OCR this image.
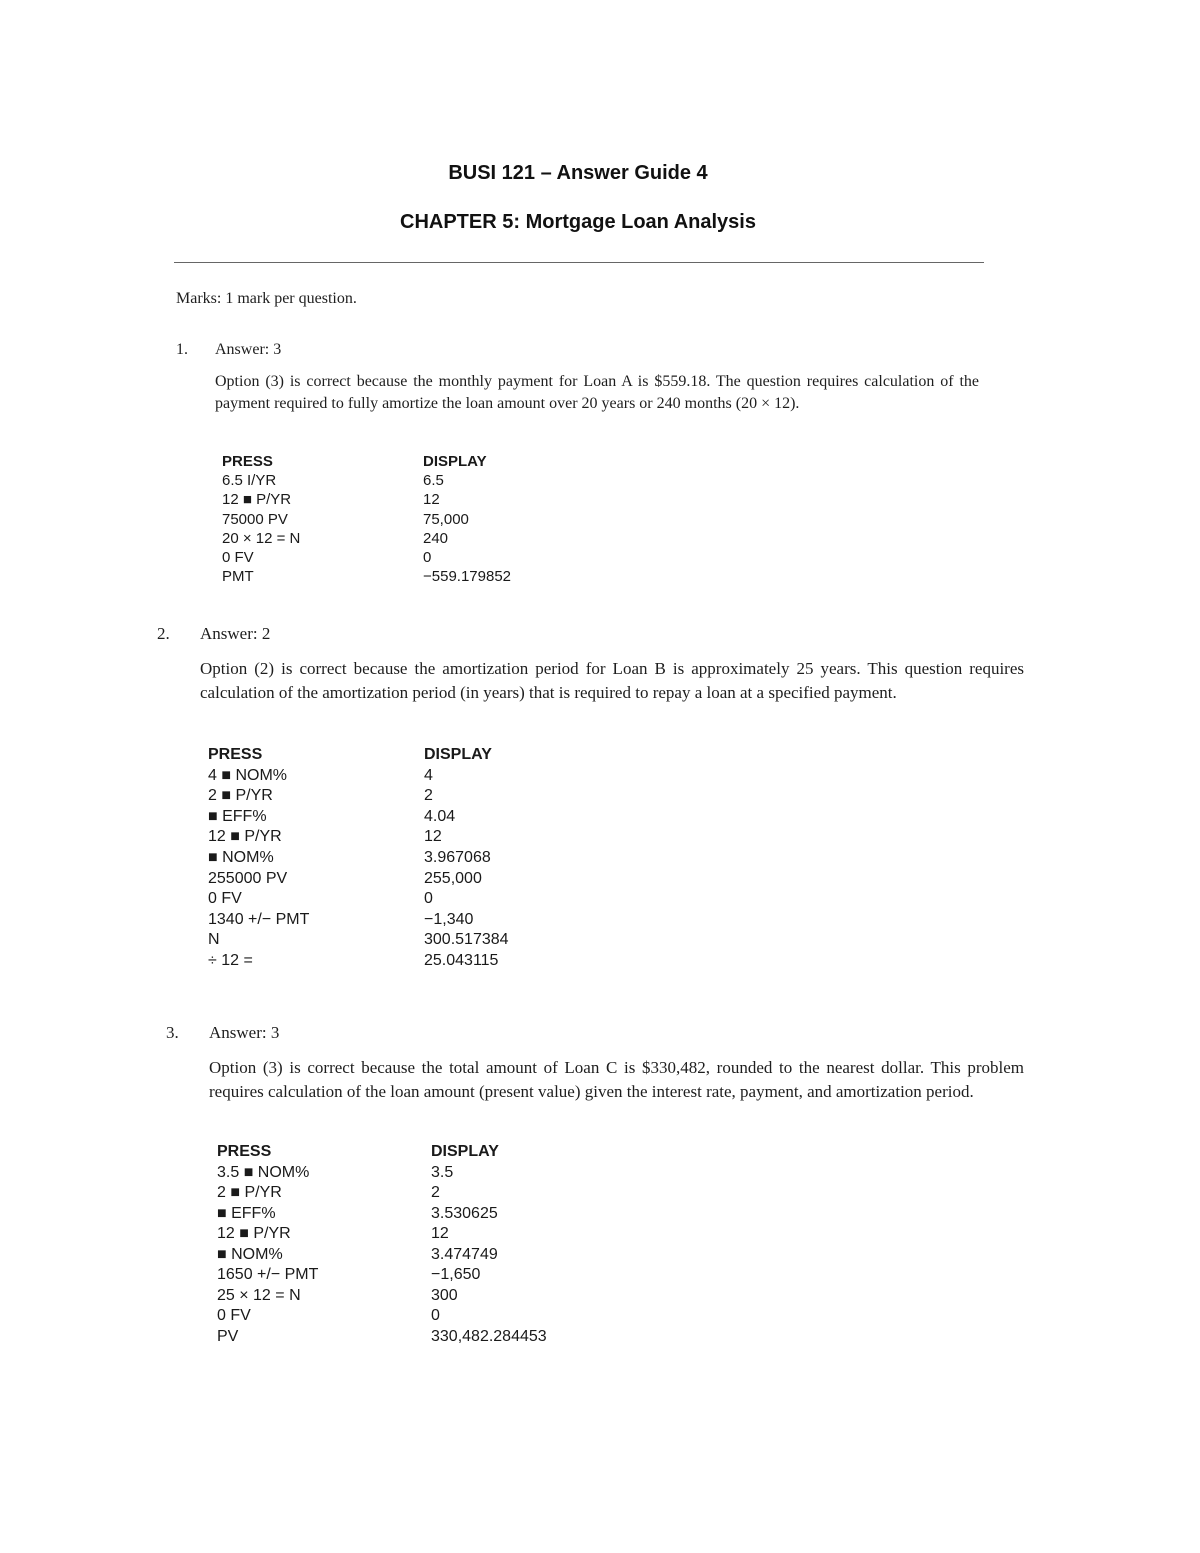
BUSI 121 – Answer Guide 4
CHAPTER 5: Mortgage Loan Analysis
Marks: 1 mark per question.
1. Answer: 3
Option (3) is correct because the monthly payment for Loan A is $559.18. The question requires calculation of the payment required to fully amortize the loan amount over 20 years or 240 months (20 × 12).
PRESS	DISPLAY
6.5 I/YR	6.5
12 ■ P/YR	12
75000 PV	75,000
20 × 12 = N	240
0 FV	0
PMT	−559.179852
2. Answer: 2
Option (2) is correct because the amortization period for Loan B is approximately 25 years. This question requires calculation of the amortization period (in years) that is required to repay a loan at a specified payment.
PRESS	DISPLAY
4 ■ NOM%	4
2 ■ P/YR	2
■ EFF%	4.04
12 ■ P/YR	12
■ NOM%	3.967068
255000 PV	255,000
0 FV	0
1340 +/− PMT	−1,340
N	300.517384
÷ 12 =	25.043115
3. Answer: 3
Option (3) is correct because the total amount of Loan C is $330,482, rounded to the nearest dollar. This problem requires calculation of the loan amount (present value) given the interest rate, payment, and amortization period.
PRESS	DISPLAY
3.5 ■ NOM%	3.5
2 ■ P/YR	2
■ EFF%	3.530625
12 ■ P/YR	12
■ NOM%	3.474749
1650 +/− PMT	−1,650
25 × 12 = N	300
0 FV	0
PV	330,482.284453
